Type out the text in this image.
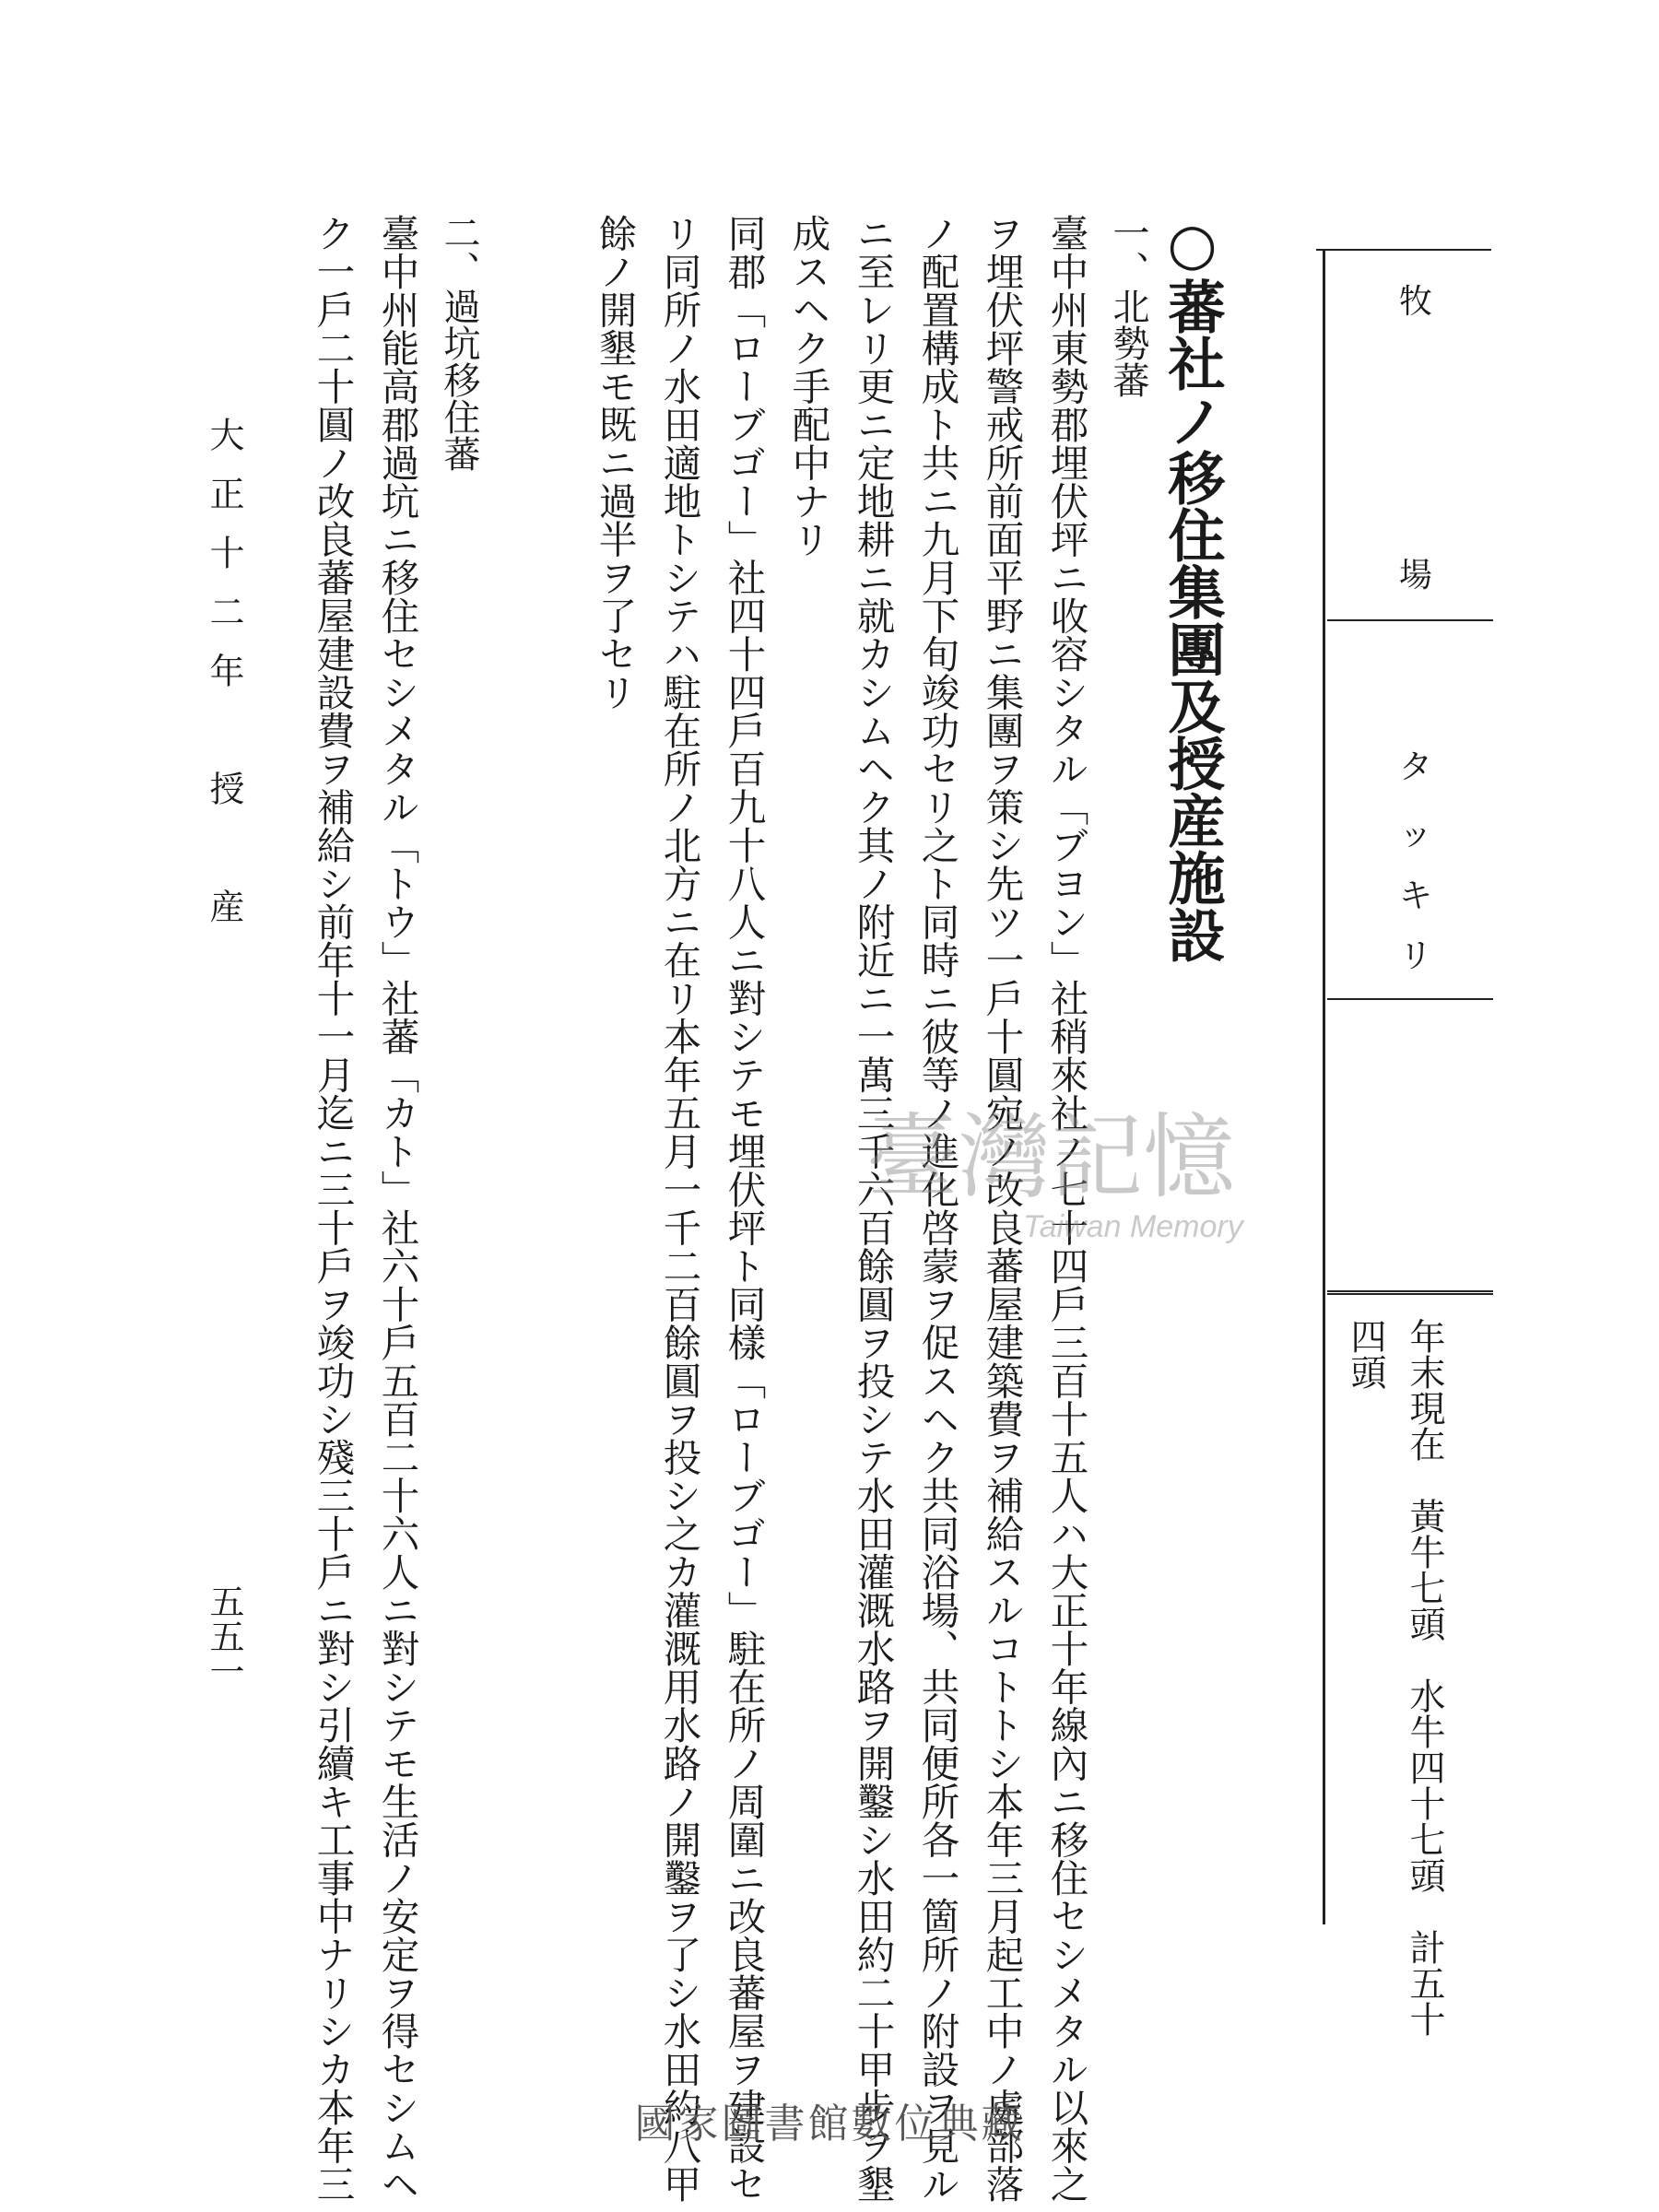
牧
場
タ
ッ
キ
リ
年末現在　黃牛七頭　水牛四十七頭　計五十
四頭
○蕃社ノ移住集團及授産施設
一、北勢蕃
臺中州東勢郡埋伏坪ニ收容シタル「ブヨン」社稍來社ノ七十四戶三百十五人ハ大正十年線內ニ移住セシメタル以來之
ヲ埋伏坪警戒所前面平野ニ集團ヲ策シ先ツ一戶十圓宛ノ改良蕃屋建築費ヲ補給スルコトトシ本年三月起工中ノ處部落
ノ配置構成ト共ニ九月下旬竣功セリ之ト同時ニ彼等ノ進化啓蒙ヲ促スヘク共同浴場、共同便所各一箇所ノ附設ヲ見ル
ニ至レリ更ニ定地耕ニ就カシムヘク其ノ附近ニ一萬三千六百餘圓ヲ投シテ水田灌溉水路ヲ開鑿シ水田約二十甲步ヲ墾
成スヘク手配中ナリ
同郡「ローブゴー」社四十四戶百九十八人ニ對シテモ埋伏坪ト同樣「ローブゴー」駐在所ノ周圍ニ改良蕃屋ヲ建設セ
リ同所ノ水田適地トシテハ駐在所ノ北方ニ在リ本年五月一千二百餘圓ヲ投シ之カ灌溉用水路ノ開鑿ヲ了シ水田約八甲
餘ノ開墾モ既ニ過半ヲ了セリ
二、過坑移住蕃
臺中州能高郡過坑ニ移住セシメタル「トウ」社蕃「カト」社六十戶五百二十六人ニ對シテモ生活ノ安定ヲ得セシムヘ
ク一戶二十圓ノ改良蕃屋建設費ヲ補給シ前年十一月迄ニ三十戶ヲ竣功シ殘三十戶ニ對シ引續キ工事中ナリシカ本年三
大正十二年　授　産
五五一
臺灣記憶
Taiwan Memory
國家圖書館數位典藏
